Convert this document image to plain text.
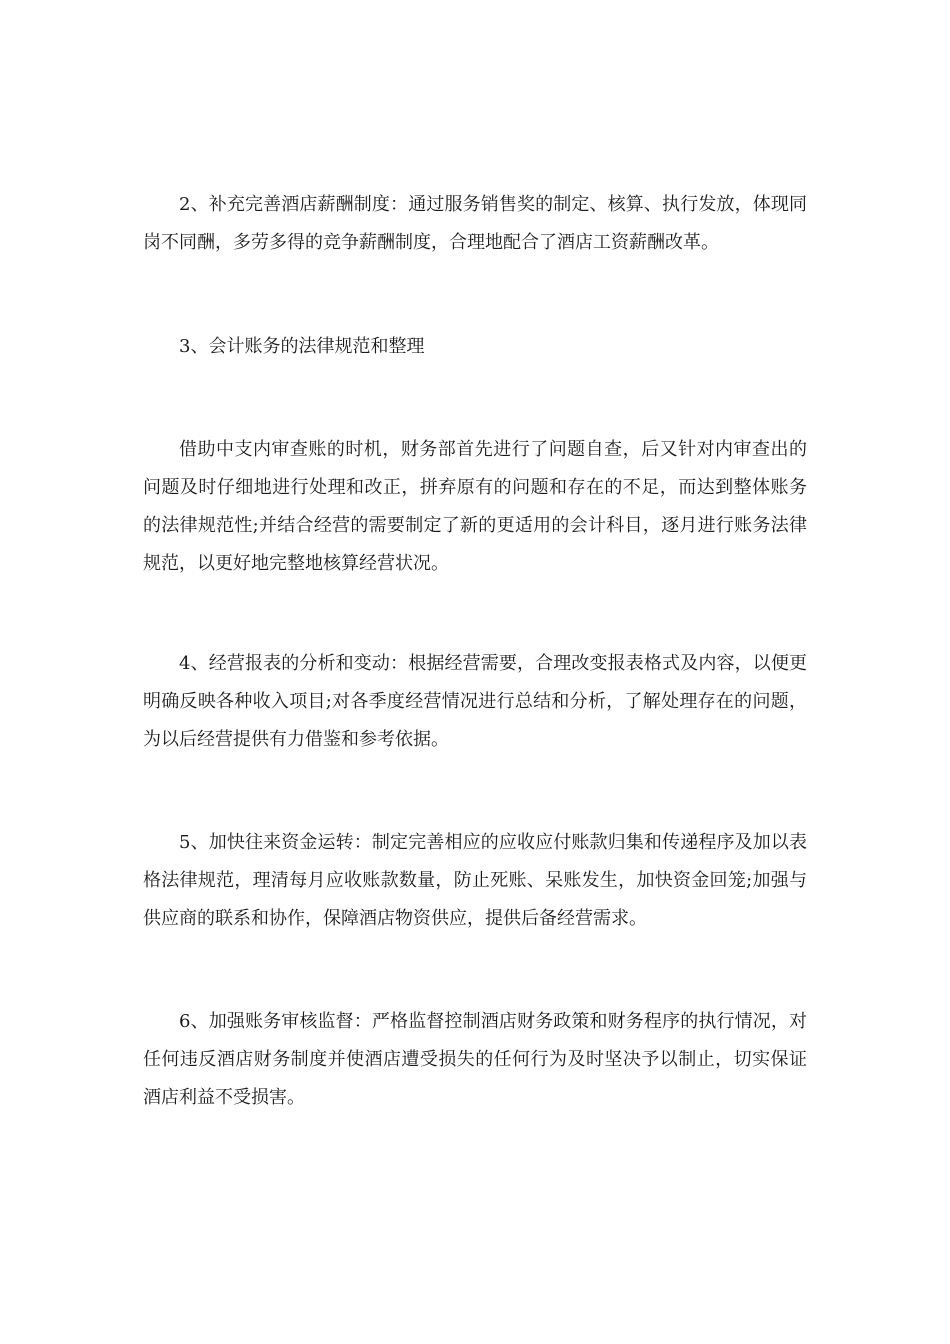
2、补充完善酒店薪酬制度：通过服务销售奖的制定、核算、执行发放，体现同岗不同酬，多劳多得的竞争薪酬制度，合理地配合了酒店工资薪酬改革。

3、会计账务的法律规范和整理

借助中支内审查账的时机，财务部首先进行了问题自查，后又针对内审查出的问题及时仔细地进行处理和改正，拼弃原有的问题和存在的不足，而达到整体账务的法律规范性;并结合经营的需要制定了新的更适用的会计科目，逐月进行账务法律规范，以更好地完整地核算经营状况。

4、经营报表的分析和变动：根据经营需要，合理改变报表格式及内容，以便更明确反映各种收入项目;对各季度经营情况进行总结和分析，了解处理存在的问题，为以后经营提供有力借鉴和参考依据。

5、加快往来资金运转：制定完善相应的应收应付账款归集和传递程序及加以表格法律规范，理清每月应收账款数量，防止死账、呆账发生，加快资金回笼;加强与供应商的联系和协作，保障酒店物资供应，提供后备经营需求。

6、加强账务审核监督：严格监督控制酒店财务政策和财务程序的执行情况，对任何违反酒店财务制度并使酒店遭受损失的任何行为及时坚决予以制止，切实保证酒店利益不受损害。
